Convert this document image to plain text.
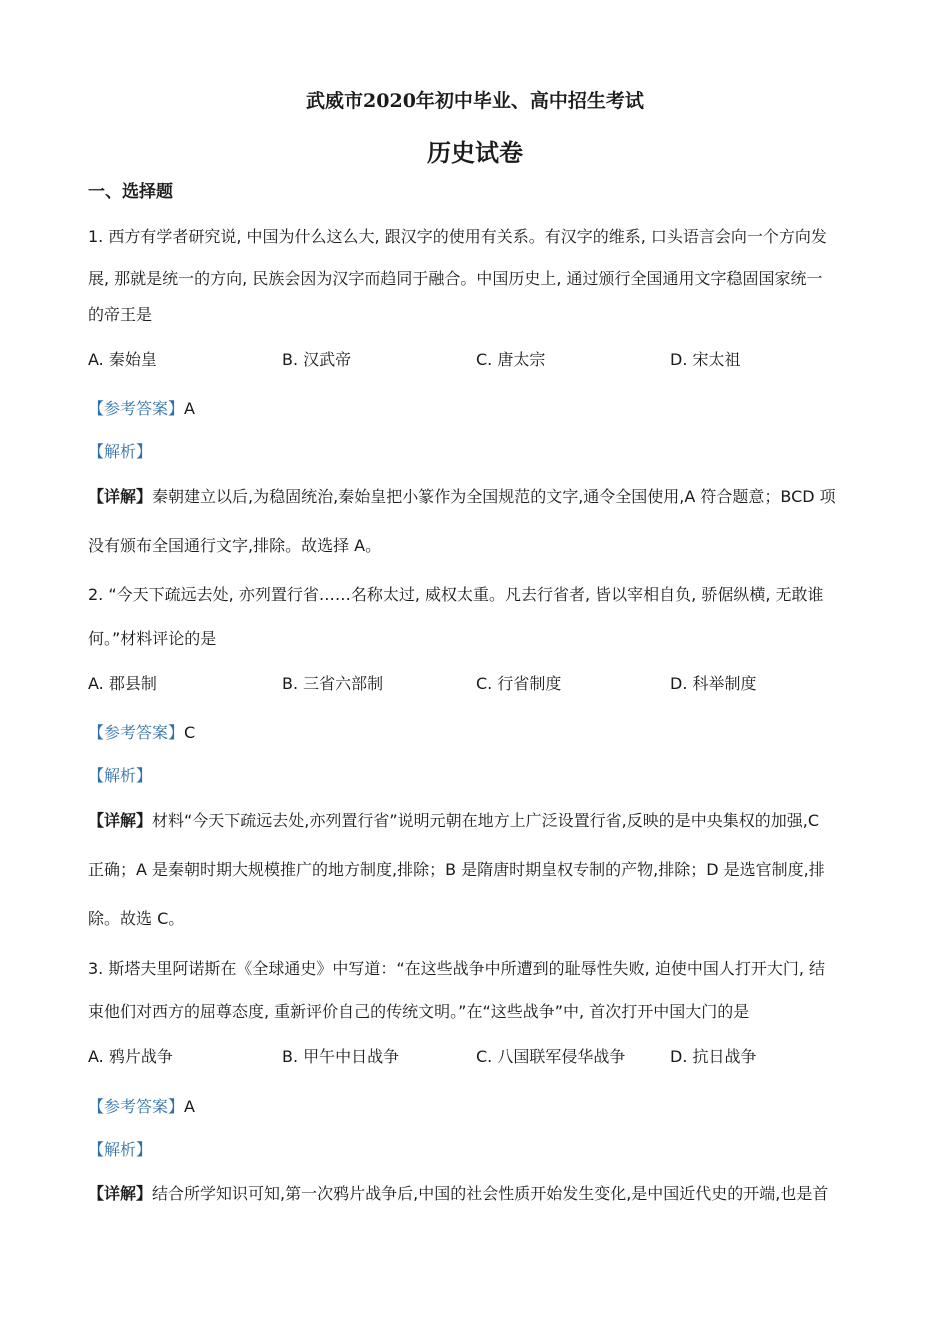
武威市2020年初中毕业、高中招生考试
历史试卷
一、选择题
1. 西方有学者研究说, 中国为什么这么大, 跟汉字的使用有关系。有汉字的维系, 口头语言会向一个方向发
展, 那就是统一的方向, 民族会因为汉字而趋同于融合。中国历史上, 通过颁行全国通用文字稳固国家统一
的帝王是
A. 秦始皇	B. 汉武帝	C. 唐太宗	D. 宋太祖
【参考答案】A
【解析】
【详解】秦朝建立以后,为稳固统治,秦始皇把小篆作为全国规范的文字,通令全国使用,A 符合题意；BCD 项
没有颁布全国通行文字,排除。故选择 A。
2. “今天下疏远去处, 亦列置行省……名称太过, 威权太重。凡去行省者, 皆以宰相自负, 骄倨纵横, 无敢谁
何。”材料评论的是
A. 郡县制	B. 三省六部制	C. 行省制度	D. 科举制度
【参考答案】C
【解析】
【详解】材料“今天下疏远去处,亦列置行省”说明元朝在地方上广泛设置行省,反映的是中央集权的加强,C
正确；A 是秦朝时期大规模推广的地方制度,排除；B 是隋唐时期皇权专制的产物,排除；D 是选官制度,排
除。故选 C。
3. 斯塔夫里阿诺斯在《全球通史》中写道：“在这些战争中所遭到的耻辱性失败, 迫使中国人打开大门, 结
束他们对西方的屈尊态度, 重新评价自己的传统文明。”在“这些战争”中, 首次打开中国大门的是
A. 鸦片战争	B. 甲午中日战争	C. 八国联军侵华战争	D. 抗日战争
【参考答案】A
【解析】
【详解】结合所学知识可知,第一次鸦片战争后,中国的社会性质开始发生变化,是中国近代史的开端,也是首
